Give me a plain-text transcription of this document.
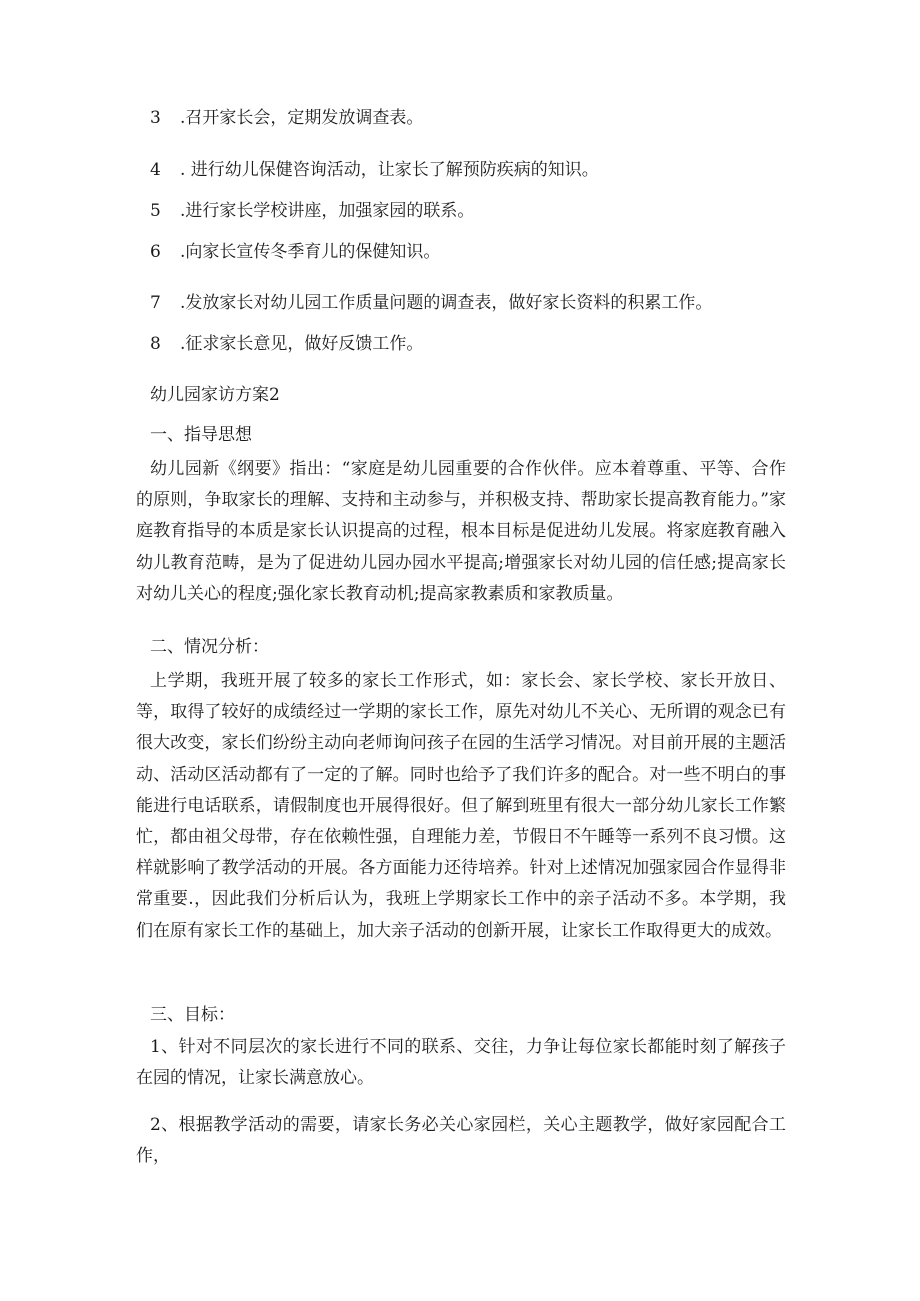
3 .召开家长会，定期发放调查表。
4 . 进行幼儿保健咨询活动，让家长了解预防疾病的知识。
5 .进行家长学校讲座，加强家园的联系。
6 .向家长宣传冬季育儿的保健知识。
7 .发放家长对幼儿园工作质量问题的调查表，做好家长资料的积累工作。
8 .征求家长意见，做好反馈工作。
幼儿园家访方案2
一、指导思想
幼儿园新《纲要》指出：“家庭是幼儿园重要的合作伙伴。应本着尊重、平等、合作的原则，争取家长的理解、支持和主动参与，并积极支持、帮助家长提高教育能力。”家庭教育指导的本质是家长认识提高的过程，根本目标是促进幼儿发展。将家庭教育融入幼儿教育范畴，是为了促进幼儿园办园水平提高;增强家长对幼儿园的信任感;提高家长对幼儿关心的程度;强化家长教育动机;提高家教素质和家教质量。
二、情况分析：
上学期，我班开展了较多的家长工作形式，如：家长会、家长学校、家长开放日、等，取得了较好的成绩经过一学期的家长工作，原先对幼儿不关心、无所谓的观念已有很大改变，家长们纷纷主动向老师询问孩子在园的生活学习情况。对目前开展的主题活动、活动区活动都有了一定的了解。同时也给予了我们许多的配合。对一些不明白的事能进行电话联系，请假制度也开展得很好。但了解到班里有很大一部分幼儿家长工作繁忙，都由祖父母带，存在依赖性强，自理能力差，节假日不午睡等一系列不良习惯。这样就影响了教学活动的开展。各方面能力还待培养。针对上述情况加强家园合作显得非常重要.，因此我们分析后认为，我班上学期家长工作中的亲子活动不多。本学期，我们在原有家长工作的基础上，加大亲子活动的创新开展，让家长工作取得更大的成效。
三、目标：
1、针对不同层次的家长进行不同的联系、交往，力争让每位家长都能时刻了解孩子在园的情况，让家长满意放心。
2、根据教学活动的需要，请家长务必关心家园栏，关心主题教学，做好家园配合工作，
